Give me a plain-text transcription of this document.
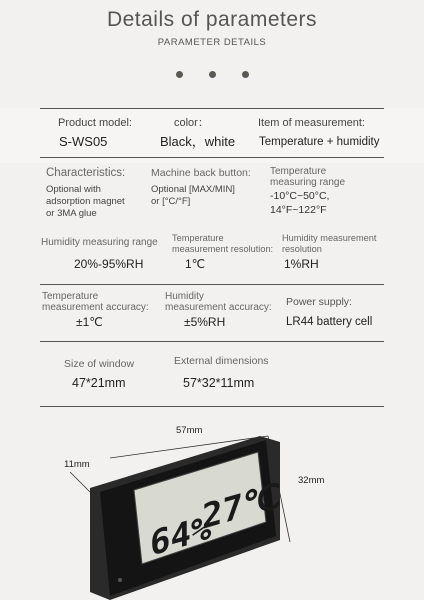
Details of parameters
PARAMETER DETAILS
Product model:
S-WS05
color：
Black，white
Item of measurement:
Temperature + humidity
Characteristics:
Optional with
adsorption magnet
or 3MA glue
Machine back button:
Optional [MAX/MIN]
or [°C/°F]
Temperature
measuring range
-10°C~50°C,
14°F~122°F
Humidity measuring range
20%-95%RH
Temperature
measurement resolution:
1℃
Humidity measurement
resolution
1%RH
Temperature
measurement accuracy:
±1℃
Humidity
measurement accuracy:
±5%RH
Power supply:
LR44 battery cell
Size of window
47*21mm
External dimensions
57*32*11mm
57mm
11mm
32mm
64%
27℃
